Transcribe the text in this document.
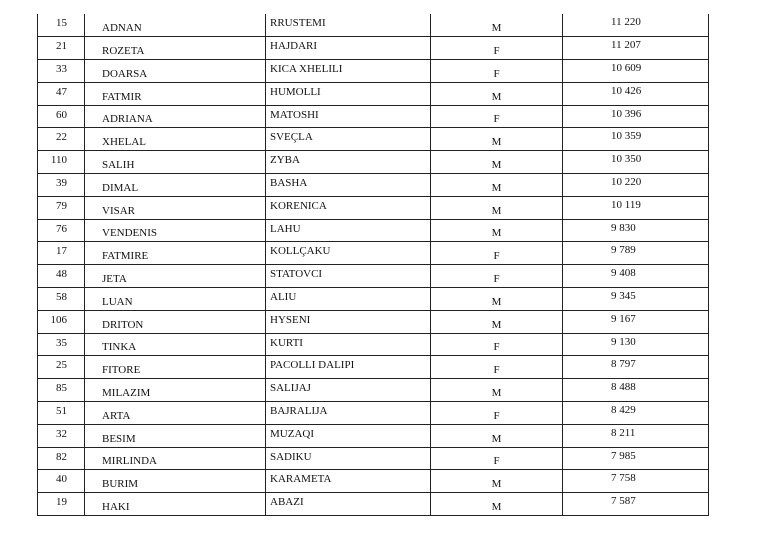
15	ADNAN	RRUSTEMI	M	11 220
21	ROZETA	HAJDARI	F	11 207
33	DOARSA	KICA XHELILI	F	10 609
47	FATMIR	HUMOLLI	M	10 426
60	ADRIANA	MATOSHI	F	10 396
22	XHELAL	SVEÇLA	M	10 359
110	SALIH	ZYBA	M	10 350
39	DIMAL	BASHA	M	10 220
79	VISAR	KORENICA	M	10 119
76	VENDENIS	LAHU	M	9 830
17	FATMIRE	KOLLÇAKU	F	9 789
48	JETA	STATOVCI	F	9 408
58	LUAN	ALIU	M	9 345
106	DRITON	HYSENI	M	9 167
35	TINKA	KURTI	F	9 130
25	FITORE	PACOLLI DALIPI	F	8 797
85	MILAZIM	SALIJAJ	M	8 488
51	ARTA	BAJRALIJA	F	8 429
32	BESIM	MUZAQI	M	8 211
82	MIRLINDA	SADIKU	F	7 985
40	BURIM	KARAMETA	M	7 758
19	HAKI	ABAZI	M	7 587
